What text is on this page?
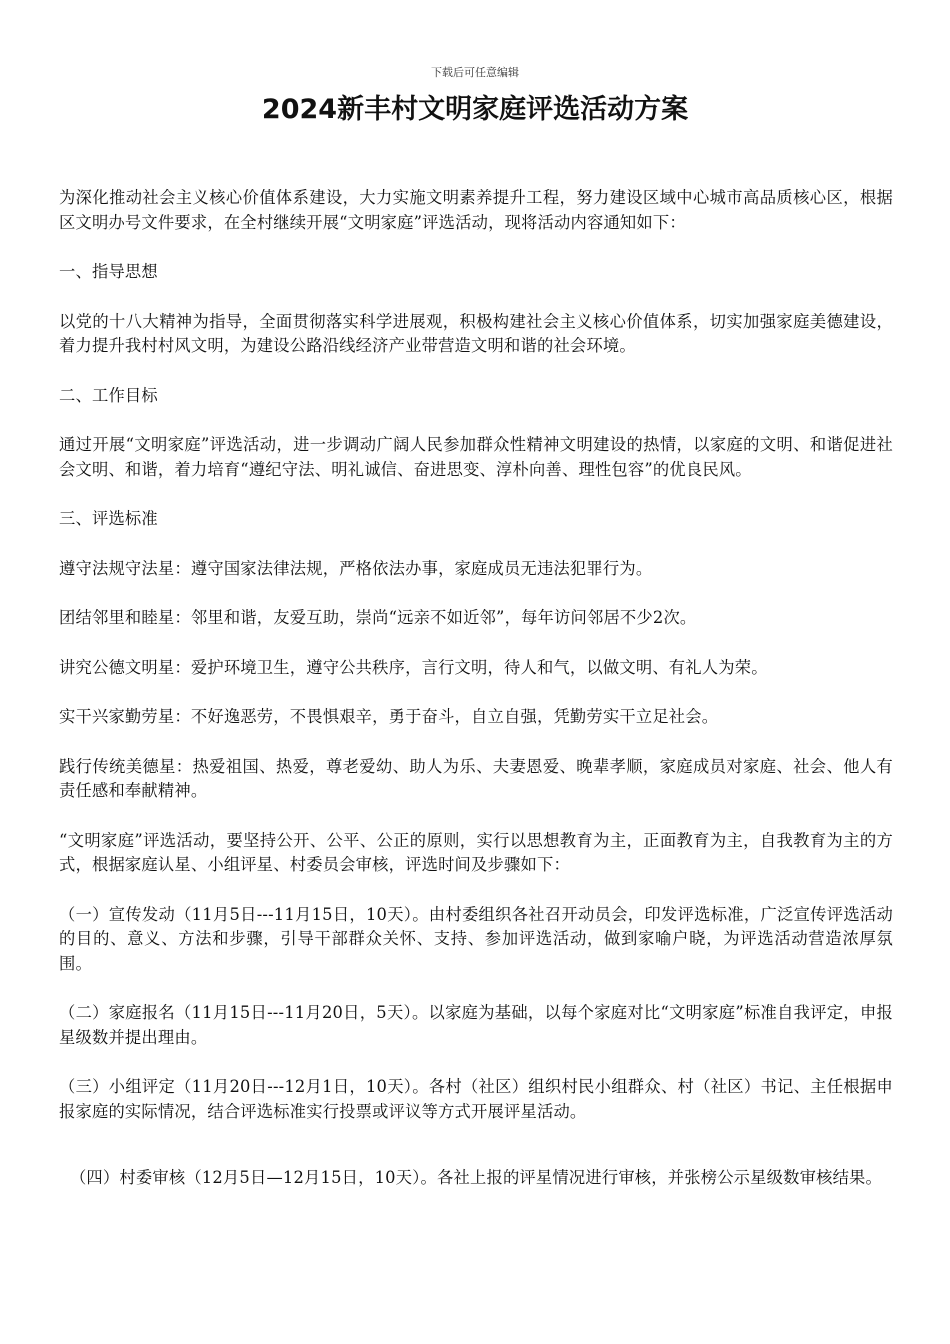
下载后可任意编辑
2024新丰村文明家庭评选活动方案

为深化推动社会主义核心价值体系建设，大力实施文明素养提升工程，努力建设区域中心城市高品质核心区，根据区文明办号文件要求，在全村继续开展“文明家庭”评选活动，现将活动内容通知如下：

一、指导思想

以党的十八大精神为指导，全面贯彻落实科学进展观，积极构建社会主义核心价值体系，切实加强家庭美德建设，着力提升我村村风文明，为建设公路沿线经济产业带营造文明和谐的社会环境。

二、工作目标

通过开展“文明家庭”评选活动，进一步调动广阔人民参加群众性精神文明建设的热情，以家庭的文明、和谐促进社会文明、和谐，着力培育“遵纪守法、明礼诚信、奋进思变、淳朴向善、理性包容”的优良民风。

三、评选标准

遵守法规守法星：遵守国家法律法规，严格依法办事，家庭成员无违法犯罪行为。

团结邻里和睦星：邻里和谐，友爱互助，崇尚“远亲不如近邻”，每年访问邻居不少2次。

讲究公德文明星：爱护环境卫生，遵守公共秩序，言行文明，待人和气，以做文明、有礼人为荣。

实干兴家勤劳星：不好逸恶劳，不畏惧艰辛，勇于奋斗，自立自强，凭勤劳实干立足社会。

践行传统美德星：热爱祖国、热爱，尊老爱幼、助人为乐、夫妻恩爱、晚辈孝顺，家庭成员对家庭、社会、他人有责任感和奉献精神。

“文明家庭”评选活动，要坚持公开、公平、公正的原则，实行以思想教育为主，正面教育为主，自我教育为主的方式，根据家庭认星、小组评星、村委员会审核，评选时间及步骤如下：

（一）宣传发动（11月5日---11月15日，10天）。由村委组织各社召开动员会，印发评选标准，广泛宣传评选活动的目的、意义、方法和步骤，引导干部群众关怀、支持、参加评选活动，做到家喻户晓，为评选活动营造浓厚氛围。

（二）家庭报名（11月15日---11月20日，5天）。以家庭为基础，以每个家庭对比“文明家庭”标准自我评定，申报星级数并提出理由。

（三）小组评定（11月20日---12月1日，10天）。各村（社区）组织村民小组群众、村（社区）书记、主任根据申报家庭的实际情况，结合评选标准实行投票或评议等方式开展评星活动。

（四）村委审核（12月5日—12月15日，10天）。各社上报的评星情况进行审核，并张榜公示星级数审核结果。
